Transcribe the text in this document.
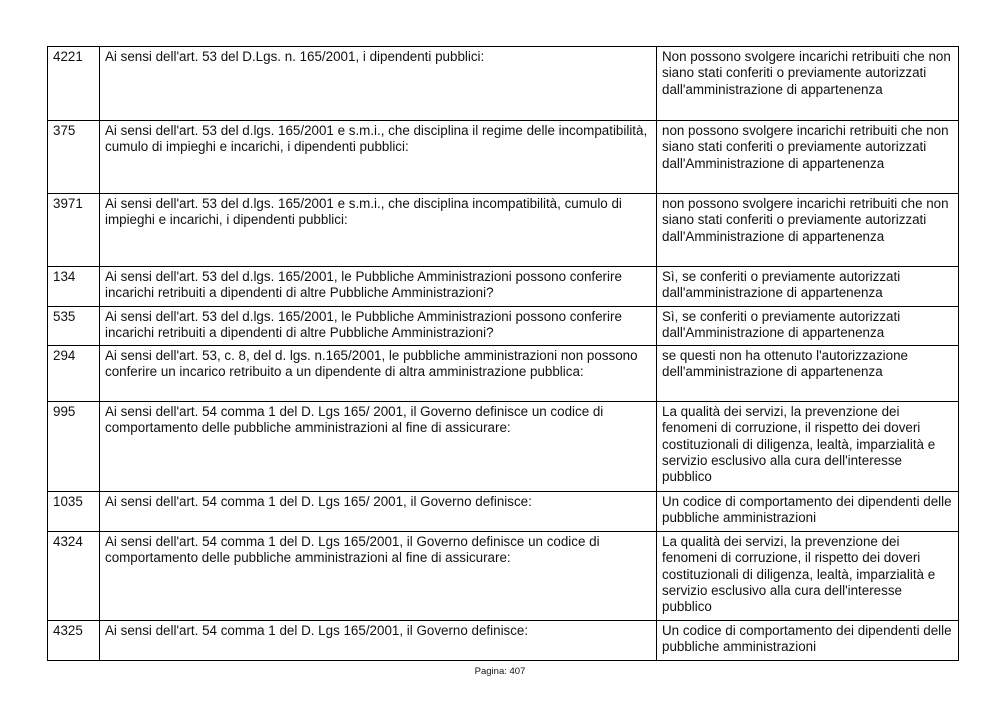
4221	Ai sensi dell'art. 53 del D.Lgs. n. 165/2001, i dipendenti pubblici:	Non possono svolgere incarichi retribuiti che non siano stati conferiti o previamente autorizzati dall'amministrazione di appartenenza
375	Ai sensi dell'art. 53 del d.lgs. 165/2001 e s.m.i., che disciplina il regime delle incompatibilità, cumulo di impieghi e incarichi, i dipendenti pubblici:	non possono svolgere incarichi retribuiti che non siano stati conferiti o previamente autorizzati dall'Amministrazione di appartenenza
3971	Ai sensi dell'art. 53 del d.lgs. 165/2001 e s.m.i., che disciplina incompatibilità, cumulo di impieghi e incarichi, i dipendenti pubblici:	non possono svolgere incarichi retribuiti che non siano stati conferiti o previamente autorizzati dall'Amministrazione di appartenenza
134	Ai sensi dell'art. 53 del d.lgs. 165/2001, le Pubbliche Amministrazioni possono conferire incarichi retribuiti a dipendenti di altre Pubbliche Amministrazioni?	Sì, se conferiti o previamente autorizzati dall'amministrazione di appartenenza
535	Ai sensi dell'art. 53 del d.lgs. 165/2001, le Pubbliche Amministrazioni possono conferire incarichi retribuiti a dipendenti di altre Pubbliche Amministrazioni?	Sì, se conferiti o previamente autorizzati dall'Amministrazione di appartenenza
294	Ai sensi dell'art. 53, c. 8, del d. lgs. n.165/2001, le pubbliche amministrazioni non possono conferire un incarico retribuito a un dipendente di altra amministrazione pubblica:	se questi non ha ottenuto l'autorizzazione dell'amministrazione di appartenenza
995	Ai sensi dell'art. 54 comma 1 del D. Lgs 165/ 2001, il Governo definisce un codice di comportamento delle pubbliche amministrazioni al fine di assicurare:	La qualità dei servizi, la prevenzione dei fenomeni di corruzione, il rispetto dei doveri costituzionali di diligenza, lealtà, imparzialità e servizio esclusivo alla cura dell'interesse pubblico
1035	Ai sensi dell'art. 54 comma 1 del D. Lgs 165/ 2001, il Governo definisce:	Un codice di comportamento dei dipendenti delle pubbliche amministrazioni
4324	Ai sensi dell'art. 54 comma 1 del D. Lgs 165/2001, il Governo definisce un codice di comportamento delle pubbliche amministrazioni al fine di assicurare:	La qualità dei servizi, la prevenzione dei fenomeni di corruzione, il rispetto dei doveri costituzionali di diligenza, lealtà, imparzialità e servizio esclusivo alla cura dell'interesse pubblico
4325	Ai sensi dell'art. 54 comma 1 del D. Lgs 165/2001, il Governo definisce:	Un codice di comportamento dei dipendenti delle pubbliche amministrazioni
Pagina: 407
